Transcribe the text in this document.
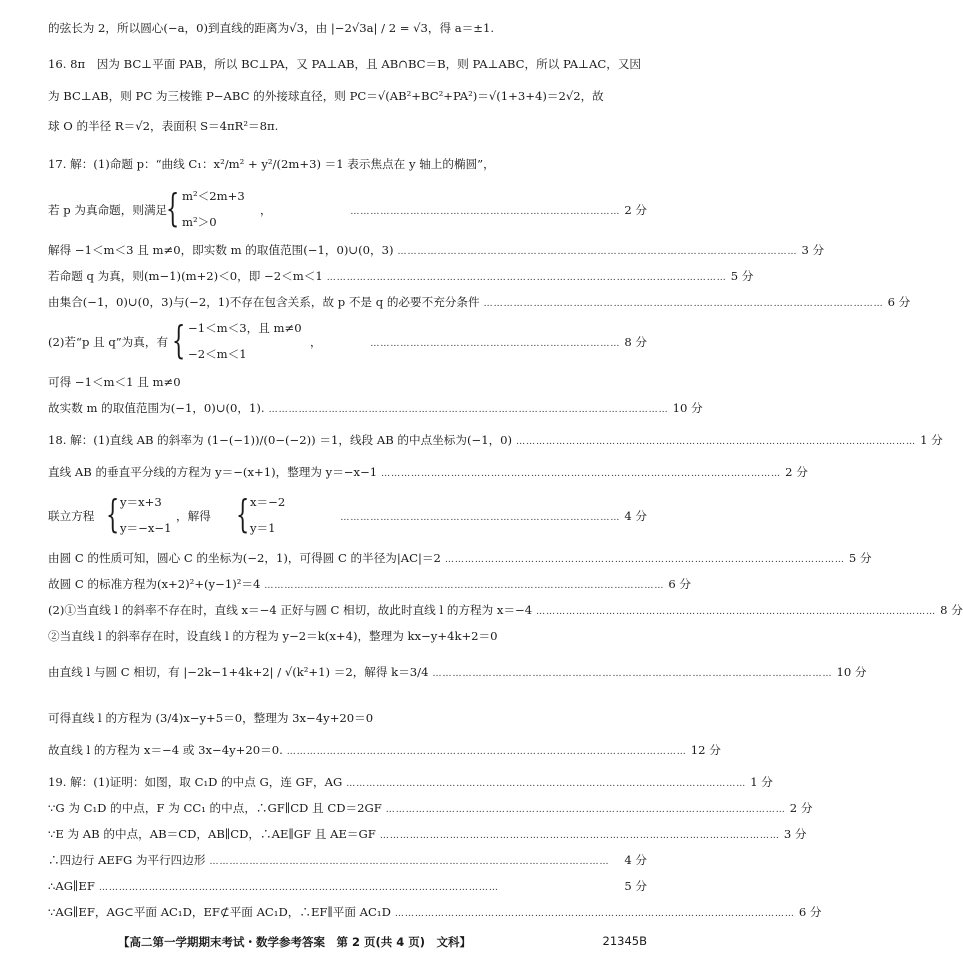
的弦长为 2，所以圆心(−a，0)到直线的距离为√3，由 |−2√3a| / 2 = √3，得 a＝±1.
16. 8π　因为 BC⊥平面 PAB，所以 BC⊥PA，又 PA⊥AB，且 AB∩BC＝B，则 PA⊥ABC，所以 PA⊥AC，又因
为 BC⊥AB，则 PC 为三棱锥 P−ABC 的外接球直径，则 PC＝√(AB²+BC²+PA²)＝√(1+3+4)＝2√2，故
球 O 的半径 R＝√2，表面积 S＝4πR²＝8π.
17. 解：(1)命题 p：“曲线 C₁：x²/m² + y²/(2m+3) ＝1 表示焦点在 y 轴上的椭圆”，
若 p 为真命题，则满足
{ m²＜2m+3
m²＞0
，	……………………………………………………………………… 2 分
解得 −1＜m＜3 且 m≠0，即实数 m 的取值范围(−1，0)∪(0，3) ………………………………………………………………………………………………………… 3 分
若命题 q 为真，则(m−1)(m+2)＜0，即 −2＜m＜1 ………………………………………………………………………………………………………… 5 分
由集合(−1，0)∪(0，3)与(−2，1)不存在包含关系，故 p 不是 q 的必要不充分条件 ………………………………………………………………………………………………………… 6 分
(2)若“p 且 q”为真，有 { −1＜m＜3，且 m≠0
−2＜m＜1
，	………………………………………………………………… 8 分
可得 −1＜m＜1 且 m≠0
故实数 m 的取值范围为(−1，0)∪(0，1). ………………………………………………………………………………………………………… 10 分
18. 解：(1)直线 AB 的斜率为 (1−(−1))/(0−(−2)) ＝1，线段 AB 的中点坐标为(−1，0) ………………………………………………………………………………………………………… 1 分
直线 AB 的垂直平分线的方程为 y＝−(x+1)，整理为 y＝−x−1 ………………………………………………………………………………………………………… 2 分
联立方程 { y＝x+3
y＝−x−1
，解得 { x＝−2
y＝1
………………………………………………………………………… 4 分
由圆 C 的性质可知，圆心 C 的坐标为(−2，1)，可得圆 C 的半径为|AC|＝2 ………………………………………………………………………………………………………… 5 分
故圆 C 的标准方程为(x+2)²+(y−1)²＝4 ………………………………………………………………………………………………………… 6 分
(2)①当直线 l 的斜率不存在时，直线 x＝−4 正好与圆 C 相切，故此时直线 l 的方程为 x＝−4 ………………………………………………………………………………………………………… 8 分
②当直线 l 的斜率存在时，设直线 l 的方程为 y−2＝k(x+4)，整理为 kx−y+4k+2＝0
由直线 l 与圆 C 相切，有 |−2k−1+4k+2| / √(k²+1) ＝2，解得 k＝3/4 ………………………………………………………………………………………………………… 10 分
可得直线 l 的方程为 (3/4)x−y+5＝0，整理为 3x−4y+20＝0
故直线 l 的方程为 x＝−4 或 3x−4y+20＝0. ………………………………………………………………………………………………………… 12 分
19. 解：(1)证明：如图，取 C₁D 的中点 G，连 GF，AG ………………………………………………………………………………………………………… 1 分
∵G 为 C₁D 的中点，F 为 CC₁ 的中点，∴GF∥CD 且 CD＝2GF ………………………………………………………………………………………………………… 2 分
∵E 为 AB 的中点，AB＝CD，AB∥CD，∴AE∥GF 且 AE＝GF ………………………………………………………………………………………………………… 3 分
∴四边行 AEFG 为平行四边形 …………………………………………………………………………………………………………	4 分
∴AG∥EF …………………………………………………………………………………………………………	5 分
∵AG∥EF，AG⊂平面 AC₁D，EF⊄平面 AC₁D，∴EF∥平面 AC₁D ………………………………………………………………………………………………………… 6 分
【高二第一学期期末考试・数学参考答案　第 2 页(共 4 页)　文科】	21345B
